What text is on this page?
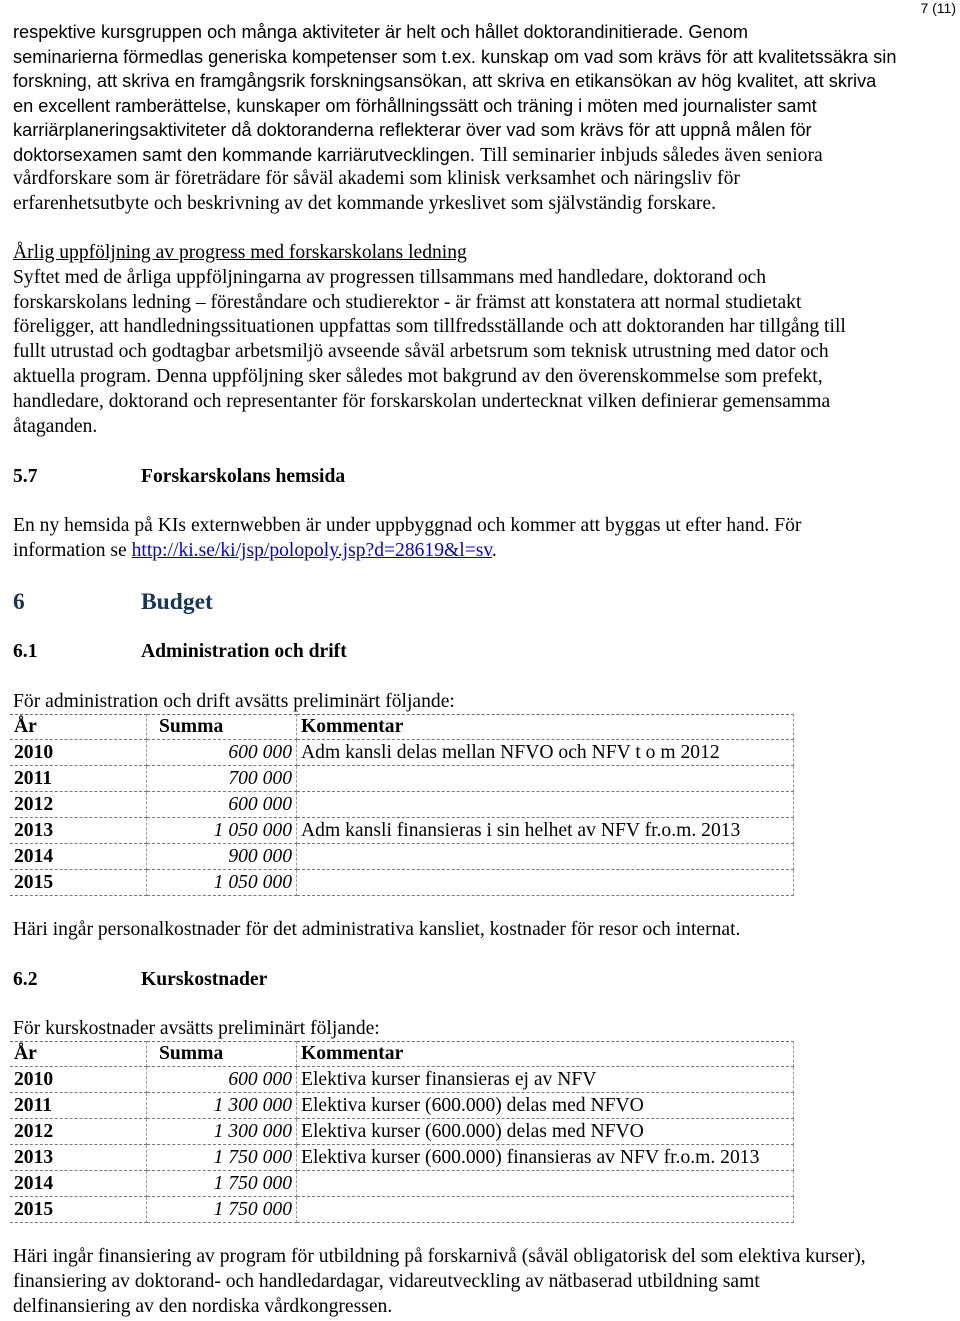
7 (11)
respektive kursgruppen och många aktiviteter är helt och hållet doktorandinitierade. Genom
seminarierna förmedlas generiska kompetenser som t.ex. kunskap om vad som krävs för att kvalitetssäkra sin
forskning, att skriva en framgångsrik forskningsansökan, att skriva en etikansökan av hög kvalitet, att skriva
en excellent ramberättelse, kunskaper om förhållningssätt och träning i möten med journalister samt
karriärplaneringsaktiviteter då doktoranderna reflekterar över vad som krävs för att uppnå målen för
doktorsexamen samt den kommande karriärutvecklingen. Till seminarier inbjuds således även seniora
vårdforskare som är företrädare för såväl akademi som klinisk verksamhet och näringsliv för
erfarenhetsutbyte och beskrivning av det kommande yrkeslivet som självständig forskare.
Årlig uppföljning av progress med forskarskolans ledning
Syftet med de årliga uppföljningarna av progressen tillsammans med handledare, doktorand och
forskarskolans ledning – föreståndare och studierektor - är främst att konstatera att normal studietakt
föreligger, att handledningssituationen uppfattas som tillfredsställande och att doktoranden har tillgång till
fullt utrustad och godtagbar arbetsmiljö avseende såväl arbetsrum som teknisk utrustning med dator och
aktuella program. Denna uppföljning sker således mot bakgrund av den överenskommelse som prefekt,
handledare, doktorand och representanter för forskarskolan undertecknat vilken definierar gemensamma
åtaganden.
5.7	Forskarskolans hemsida
En ny hemsida på KIs externwebben är under uppbyggnad och kommer att byggas ut efter hand. För
information se http://ki.se/ki/jsp/polopoly.jsp?d=28619&l=sv.
6	Budget
6.1	Administration och drift
För administration och drift avsätts preliminärt följande:
År	Summa	Kommentar
2010	600 000	Adm kansli delas mellan NFVO och NFV t o m 2012
2011	700 000	
2012	600 000	
2013	1 050 000	Adm kansli finansieras i sin helhet av NFV fr.o.m. 2013
2014	900 000	
2015	1 050 000	
Häri ingår personalkostnader för det administrativa kansliet, kostnader för resor och internat.
6.2	Kurskostnader
För kurskostnader avsätts preliminärt följande:
År	Summa	Kommentar
2010	600 000	Elektiva kurser finansieras ej av NFV
2011	1 300 000	Elektiva kurser (600.000) delas med NFVO
2012	1 300 000	Elektiva kurser (600.000) delas med NFVO
2013	1 750 000	Elektiva kurser (600.000) finansieras av NFV fr.o.m. 2013
2014	1 750 000	
2015	1 750 000	
Häri ingår finansiering av program för utbildning på forskarnivå (såväl obligatorisk del som elektiva kurser),
finansiering av doktorand- och handledardagar, vidareutveckling av nätbaserad utbildning samt
delfinansiering av den nordiska vårdkongressen.
